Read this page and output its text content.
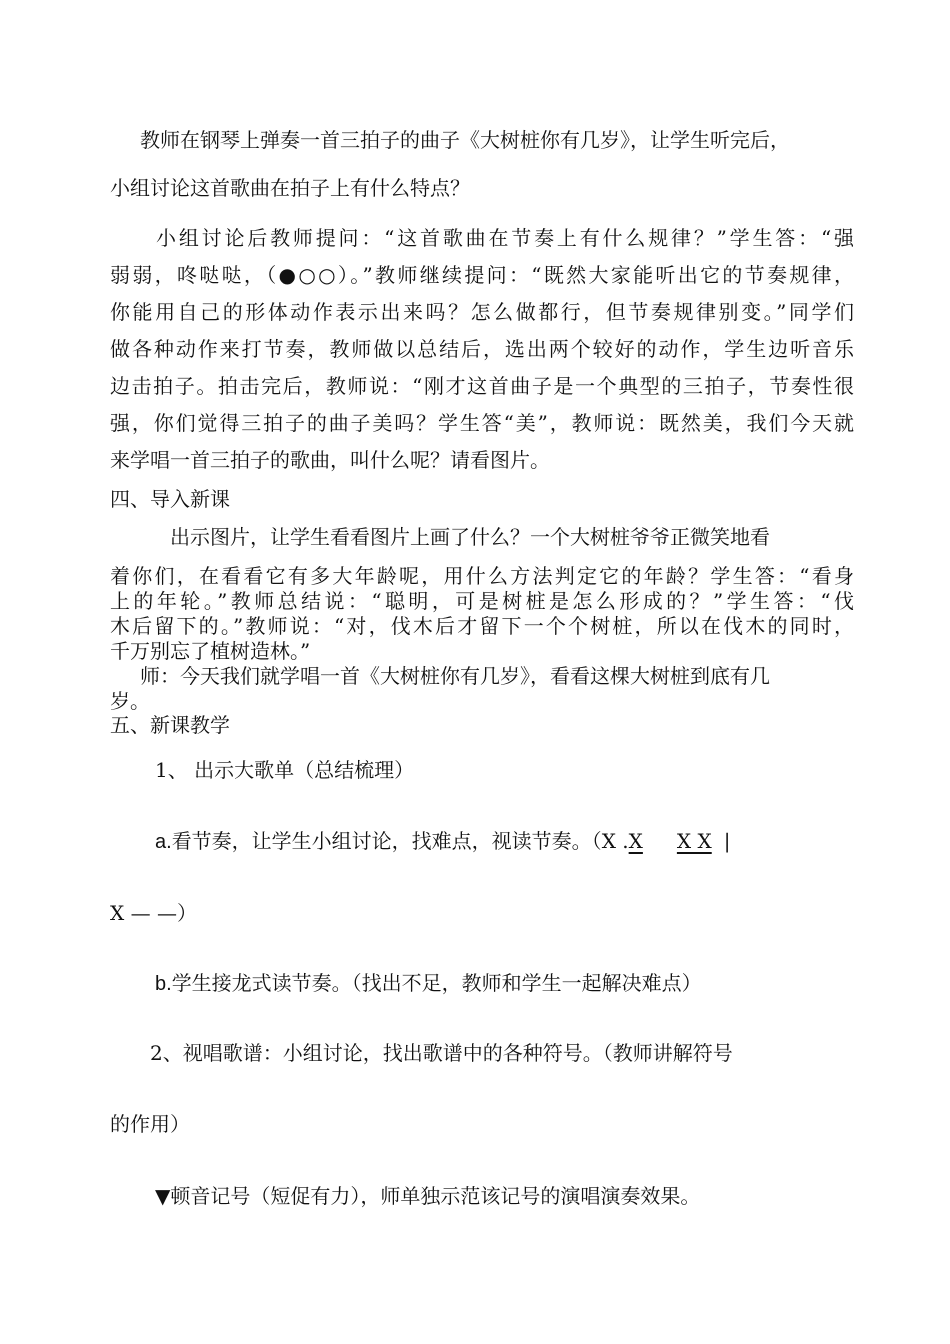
教师在钢琴上弹奏一首三拍子的曲子《大树桩你有几岁》，让学生听完后，
小组讨论这首歌曲在拍子上有什么特点？
小组讨论后教师提问：“这首歌曲在节奏上有什么规律？”学生答：“强
弱弱，咚哒哒，（●○○）。”教师继续提问：“既然大家能听出它的节奏规律，
你能用自己的形体动作表示出来吗？怎么做都行，但节奏规律别变。”同学们
做各种动作来打节奏，教师做以总结后，选出两个较好的动作，学生边听音乐
边击拍子。拍击完后，教师说：“刚才这首曲子是一个典型的三拍子，节奏性很
强，你们觉得三拍子的曲子美吗？学生答“美”，教师说：既然美，我们今天就
来学唱一首三拍子的歌曲，叫什么呢？请看图片。
四、导入新课
出示图片，让学生看看图片上画了什么？一个大树桩爷爷正微笑地看
着你们，在看看它有多大年龄呢，用什么方法判定它的年龄？学生答：“看身
上的年轮。”教师总结说：“聪明，可是树桩是怎么形成的？”学生答：“伐
木后留下的。”教师说：“对，伐木后才留下一个个树桩，所以在伐木的同时，
千万别忘了植树造林。”
师：今天我们就学唱一首《大树桩你有几岁》，看看这棵大树桩到底有几
岁。
五、新课教学
1、 出示大歌单（总结梳理）
a.看节奏，让学生小组讨论，找难点，视读节奏。（X .X X X |
X — —）
b.学生接龙式读节奏。（找出不足，教师和学生一起解决难点）
2、视唱歌谱：小组讨论，找出歌谱中的各种符号。（教师讲解符号
的作用）
▼顿音记号（短促有力），师单独示范该记号的演唱演奏效果。
